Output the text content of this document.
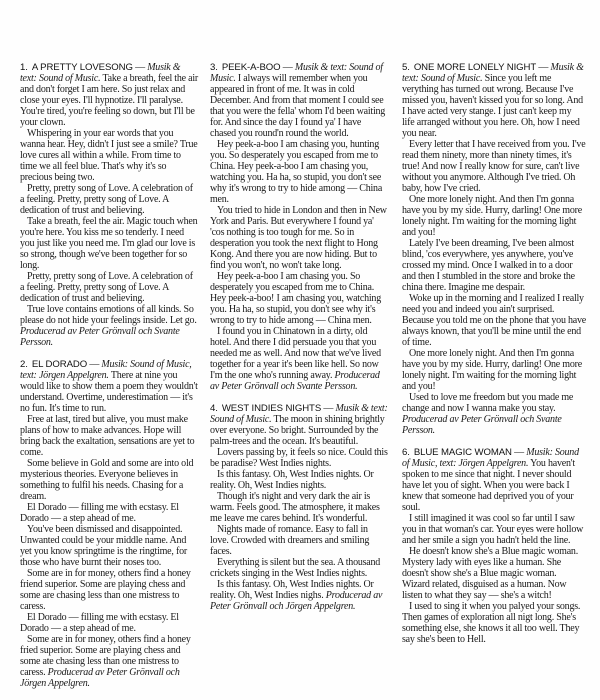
1. A PRETTY LOVESONG — Musik & text: Sound of Music. Take a breath, feel the air and don't forget I am here. So just relax and close your eyes. I'll hypnotize. I'll paralyse. You're tired, you're feeling so down, but I'll be your clown.

Whispering in your ear words that you wanna hear. Hey, didn't I just see a smile? True love cures all within a while. From time to time we all feel blue. That's why it's so precious being two.

Pretty, pretty song of Love. A celebration of a feeling. Pretty, pretty song of Love. A dedication of trust and believing.

Take a breath, feel the air. Magic touch when you're here. You kiss me so tenderly. I need you just like you need me. I'm glad our love is so strong, though we've been together for so long.

Pretty, pretty song of Love. A celebration of a feeling. Pretty, pretty song of Love. A dedication of trust and believing.

True love contains emotions of all kinds. So please do not hide your feelings inside. Let go. Producerad av Peter Grönvall och Svante Persson.

2. EL DORADO — Musik: Sound of Music, text: Jörgen Appelgren. There at nine you would like to show them a poem they wouldn't understand. Overtime, underestimation — it's no fun. It's time to run.

Free at last, tired but alive, you must make plans of how to make advances. Hope will bring back the exaltation, sensations are yet to come.

Some believe in Gold and some are into old mysterious theories. Everyone believes in something to fulfil his needs. Chasing for a dream.

El Dorado — filling me with ecstasy. El Dorado — a step ahead of me.

You've been dismissed and disappointed. Unwanted could be your middle name. And yet you know springtime is the ringtime, for those who have burnt their noses too.

Some are in for money, others find a honey friend superior. Some are playing chess and some are chasing less than one mistress to caress.

El Dorado — filling me with ecstasy. El Dorado — a step ahead of me.

Some are in for money, others find a honey fried superior. Some are playing chess and some ate chasing less than one mistress to caress. Producerad av Peter Grönvall och Jörgen Appelgren.

3. PEEK-A-BOO — Musik & text: Sound of Music. I always will remember when you appeared in front of me. It was in cold December. And from that moment I could see that you were the fella' whom I'd been waiting for. And since the day I found ya' I have chased you round'n round the world.

Hey peek-a-boo I am chasing you, hunting you. So desperately you escaped from me to China. Hey peek-a-boo I am chasing you, watching you. Ha ha, so stupid, you don't see why it's wrong to try to hide among — China men.

You tried to hide in London and then in New York and Paris. But everywhere I found ya' 'cos nothing is too tough for me. So in desperation you took the next flight to Hong Kong. And there you are now hiding. But to find you won't, no won't take long.

Hey peek-a-boo I am chasing you. So desperately you escaped from me to China. Hey peek-a-boo! I am chasing you, watching you. Ha ha, so stupid, you don't see why it's wrong to try to hide among — China men.

I found you in Chinatown in a dirty, old hotel. And there I did persuade you that you needed me as well. And now that we've lived together for a year it's been like hell. So now I'm the one who's running away. Producerad av Peter Grönvall och Svante Persson.

4. WEST INDIES NIGHTS — Musik & text: Sound of Music. The moon in shining brightly over everyone. So bright. Surrounded by the palm-trees and the ocean. It's beautiful.

Lovers passing by, it feels so nice. Could this be paradise? West Indies nights.

Is this fantasy. Oh, West Indies nights. Or reality. Oh, West Indies nights.

Though it's night and very dark the air is warm. Feels good. The atmosphere, it makes me leave me cares behind. It's wonderful.

Nights made of romance. Easy to fall in love. Crowded with dreamers and smiling faces.

Everything is silent but the sea. A thousand crickets singing in the West Indies nights.

Is this fantasy. Oh, West Indies nights. Or reality. Oh, West Indies nighs. Producerad av Peter Grönvall och Jörgen Appelgren.

5. ONE MORE LONELY NIGHT — Musik & text: Sound of Music. Since you left me verything has turned out wrong. Because I've missed you, haven't kissed you for so long. And I have acted very stange. I just can't keep my life arranged without you here. Oh, how I need you near.

Every letter that I have received from you. I've read them ninety, more than ninety times, it's true! And now I really know for sure, can't live without you anymore. Although I've tried. Oh baby, how I've cried.

One more lonely night. And then I'm gonna have you by my side. Hurry, darling! One more lonely night. I'm waiting for the morning light and you!

Lately I've been dreaming, I've been almost blind, 'cos everywhere, yes anywhere, you've crossed my mind. Once I walked in to a door and then I stumbled in the store and broke the china there. Imagine me despair.

Woke up in the morning and I realized I really need you and indeed you ain't surprised. Because you told me on the phone that you have always known, that you'll be mine until the end of time.

One more lonely night. And then I'm gonna have you by my side. Hurry, darling! One more lonely night. I'm waiting for the morning light and you!

Used to love me freedom but you made me change and now I wanna make you stay. Producerad av Peter Grönvall och Svante Persson.

6. BLUE MAGIC WOMAN — Musik: Sound of Music, text: Jörgen Appelgren. You haven't spoken to me since that night. I never should have let you of sight. When you were back I knew that someone had deprived you of your soul.

I still imagined it was cool so far until I saw you in that woman's car. Your eyes were hollow and her smile a sign you hadn't held the line.

He doesn't know she's a Blue magic woman. Mystery lady with eyes like a human. She doesn't show she's a Blue magic woman. Wizard related, disguised as a human. Now listen to what they say — she's a witch!

I used to sing it when you palyed your songs. Then games of exploration all nigt long. She's something else, she knows it all too well. They say she's been to Hell.
